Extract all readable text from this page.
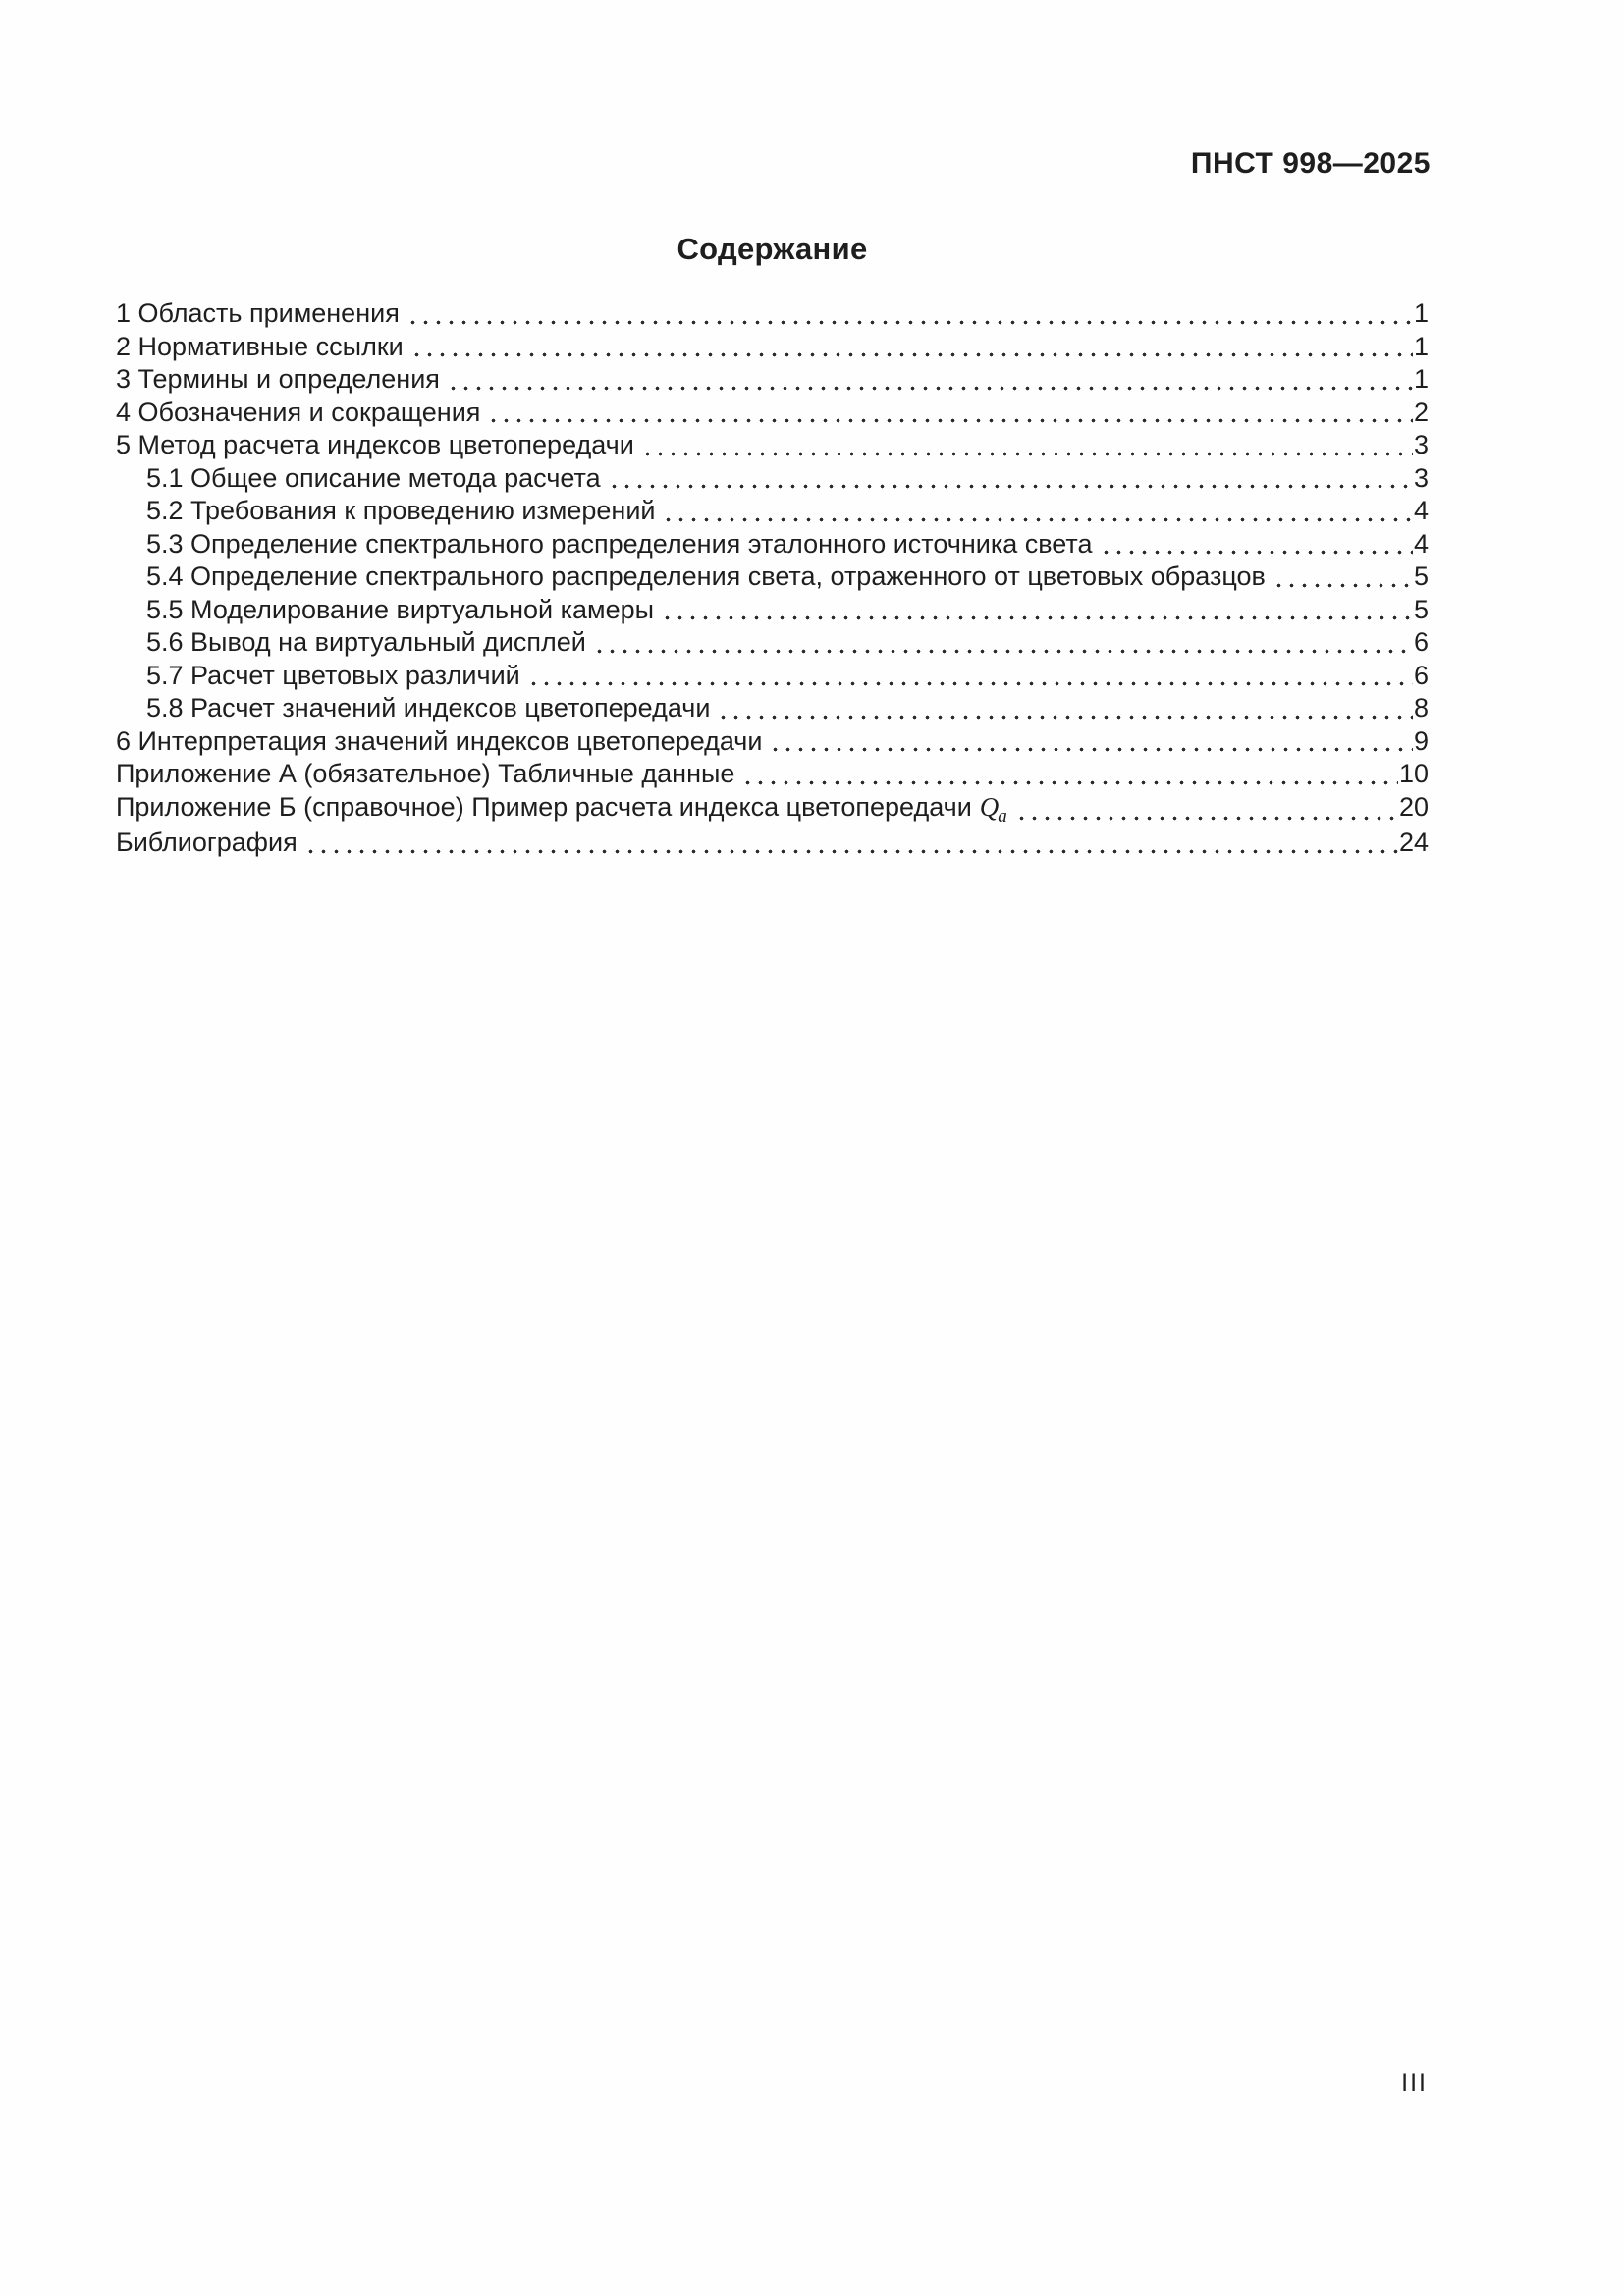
ПНСТ 998—2025
Содержание
1 Область применения	1
2 Нормативные ссылки	1
3 Термины и определения	1
4 Обозначения и сокращения	2
5 Метод расчета индексов цветопередачи	3
5.1 Общее описание метода расчета	3
5.2 Требования к проведению измерений	4
5.3 Определение спектрального распределения эталонного источника света	4
5.4 Определение спектрального распределения света, отраженного от цветовых образцов	5
5.5 Моделирование виртуальной камеры	5
5.6 Вывод на виртуальный дисплей	6
5.7 Расчет цветовых различий	6
5.8 Расчет значений индексов цветопередачи	8
6 Интерпретация значений индексов цветопередачи	9
Приложение А (обязательное) Табличные данные	10
Приложение Б (справочное) Пример расчета индекса цветопередачи $Q_a$	20
Библиография	24
III
